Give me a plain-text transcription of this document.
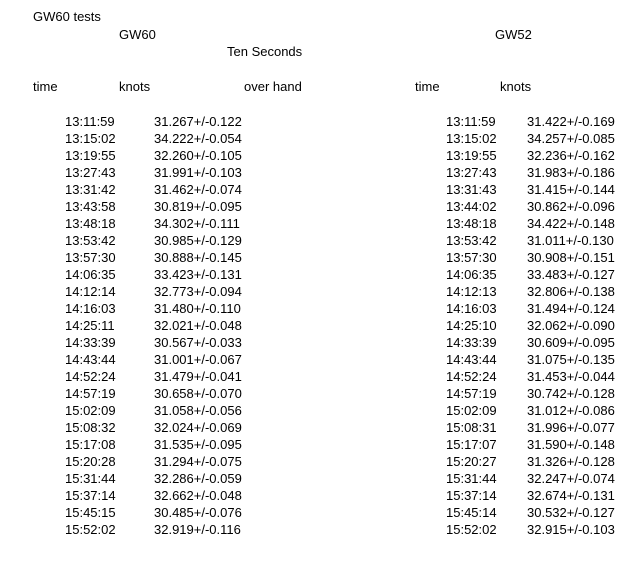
GW60 tests
GW60	GW52
Ten Seconds
time	knots	over hand	time	knots
13:11:59	31.267+/-0.122	13:11:59 31.422+/-0.169
13:15:02	34.222+/-0.054	13:15:02 34.257+/-0.085
13:19:55	32.260+/-0.105	13:19:55 32.236+/-0.162
13:27:43	31.991+/-0.103	13:27:43 31.983+/-0.186
13:31:42	31.462+/-0.074	13:31:43 31.415+/-0.144
13:43:58	30.819+/-0.095	13:44:02 30.862+/-0.096
13:48:18	34.302+/-0.111	13:48:18 34.422+/-0.148
13:53:42	30.985+/-0.129	13:53:42 31.011+/-0.130
13:57:30	30.888+/-0.145	13:57:30 30.908+/-0.151
14:06:35	33.423+/-0.131	14:06:35 33.483+/-0.127
14:12:14	32.773+/-0.094	14:12:13 32.806+/-0.138
14:16:03	31.480+/-0.110	14:16:03 31.494+/-0.124
14:25:11	32.021+/-0.048	14:25:10 32.062+/-0.090
14:33:39	30.567+/-0.033	14:33:39 30.609+/-0.095
14:43:44	31.001+/-0.067	14:43:44 31.075+/-0.135
14:52:24	31.479+/-0.041	14:52:24 31.453+/-0.044
14:57:19	30.658+/-0.070	14:57:19 30.742+/-0.128
15:02:09	31.058+/-0.056	15:02:09 31.012+/-0.086
15:08:32	32.024+/-0.069	15:08:31 31.996+/-0.077
15:17:08	31.535+/-0.095	15:17:07 31.590+/-0.148
15:20:28	31.294+/-0.075	15:20:27 31.326+/-0.128
15:31:44	32.286+/-0.059	15:31:44 32.247+/-0.074
15:37:14	32.662+/-0.048	15:37:14 32.674+/-0.131
15:45:15	30.485+/-0.076	15:45:14 30.532+/-0.127
15:52:02	32.919+/-0.116	15:52:02 32.915+/-0.103
